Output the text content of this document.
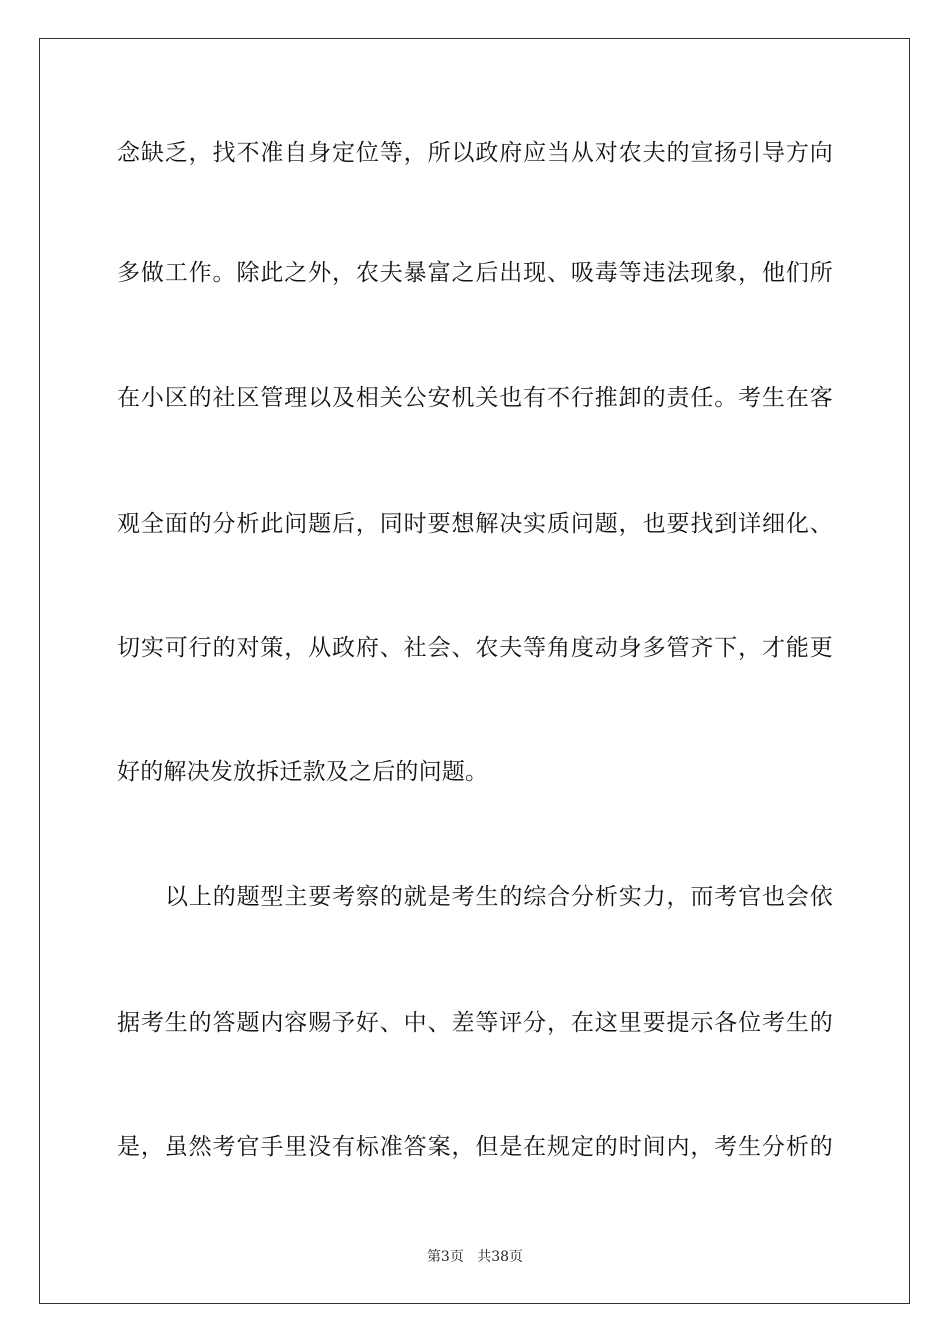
念缺乏，找不准自身定位等，所以政府应当从对农夫的宣扬引导方向
多做工作。除此之外，农夫暴富之后出现、吸毒等违法现象，他们所
在小区的社区管理以及相关公安机关也有不行推卸的责任。考生在客
观全面的分析此问题后，同时要想解决实质问题，也要找到详细化、
切实可行的对策，从政府、社会、农夫等角度动身多管齐下，才能更
好的解决发放拆迁款及之后的问题。
以上的题型主要考察的就是考生的综合分析实力，而考官也会依
据考生的答题内容赐予好、中、差等评分，在这里要提示各位考生的
是，虽然考官手里没有标准答案，但是在规定的时间内，考生分析的
第3页 共38页
